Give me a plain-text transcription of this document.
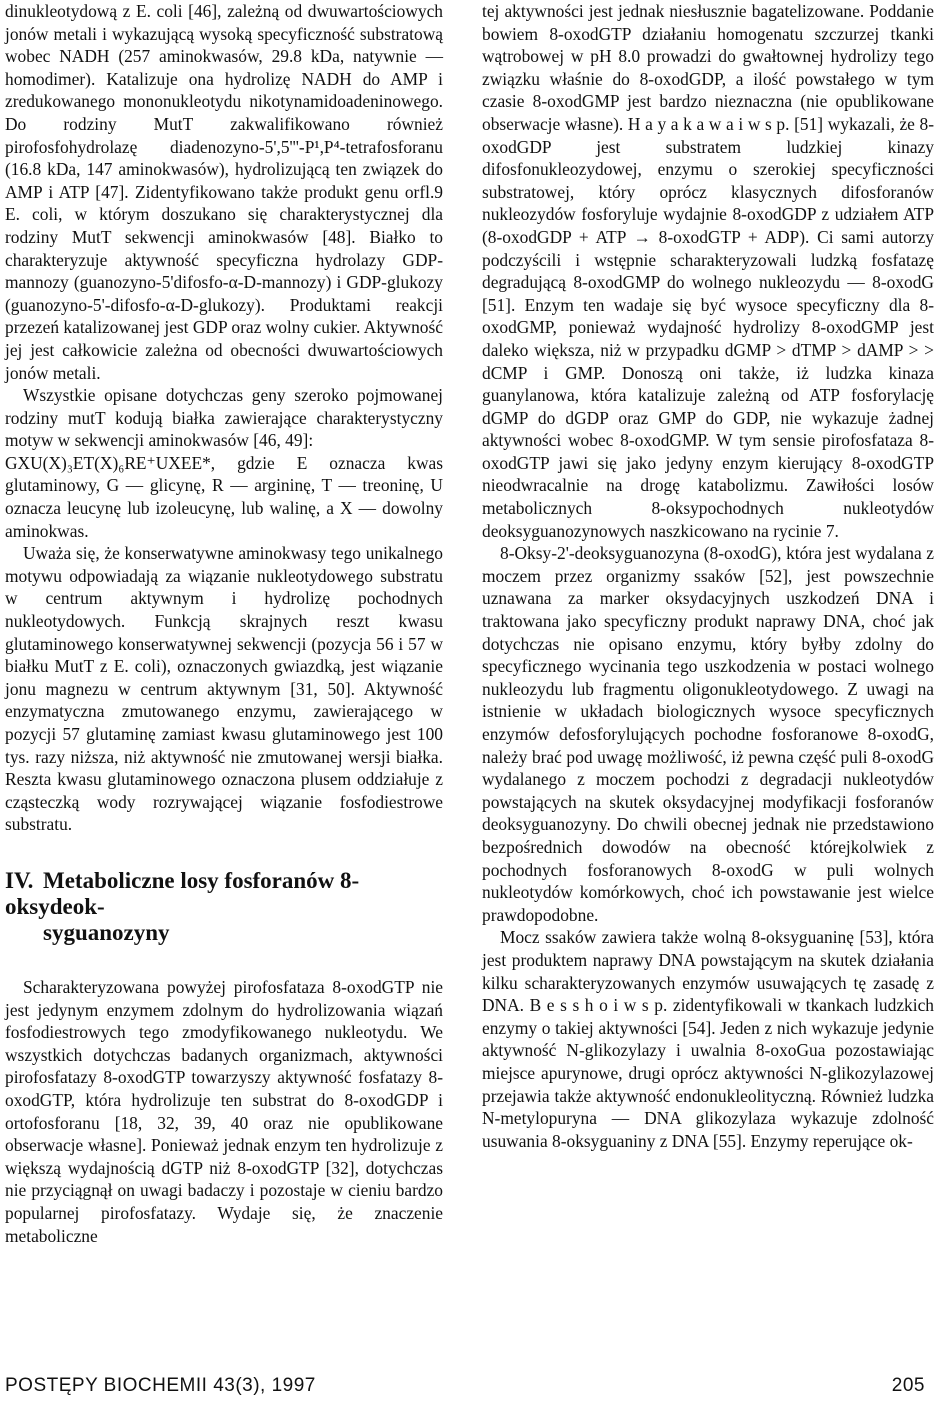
dinukleotydową z E. coli [46], zależną od dwuwartościowych jonów metali i wykazującą wysoką specyficzność substratową wobec NADH (257 aminokwasów, 29.8 kDa, natywnie — homodimer). Katalizuje ona hydrolizę NADH do AMP i zredukowanego mononukleotydu nikotynamidoadeninowego. Do rodziny MutT zakwalifikowano również pirofosfohydrolazę diadenozyno-5',5'''-P¹,P⁴-tetrafosforanu (16.8 kDa, 147 aminokwasów), hydrolizującą ten związek do AMP i ATP [47]. Zidentyfikowano także produkt genu orfl.9 E. coli, w którym doszukano się charakterystycznej dla rodziny MutT sekwencji aminokwasów [48]. Białko to charakteryzuje aktywność specyficzna hydrolazy GDP-mannozy (guanozyno-5'difosfo-α-D-mannozy) i GDP-glukozy (guanozyno-5'-difosfo-α-D-glukozy). Produktami reakcji przezeń katalizowanej jest GDP oraz wolny cukier. Aktywność jej jest całkowicie zależna od obecności dwuwartościowych jonów metali.

Wszystkie opisane dotychczas geny szeroko pojmowanej rodziny mutT kodują białka zawierające charakterystyczny motyw w sekwencji aminokwasów [46, 49]:

GXU(X)₃ET(X)₆RE⁺UXEE*, gdzie E oznacza kwas glutaminowy, G — glicynę, R — argininę, T — treoninę, U oznacza leucynę lub izoleucynę, lub walinę, a X — dowolny aminokwas.

Uważa się, że konserwatywne aminokwasy tego unikalnego motywu odpowiadają za wiązanie nukleotydowego substratu w centrum aktywnym i hydrolizę pochodnych nukleotydowych. Funkcją skrajnych reszt kwasu glutaminowego konserwatywnej sekwencji (pozycja 56 i 57 w białku MutT z E. coli), oznaczonych gwiazdką, jest wiązanie jonu magnezu w centrum aktywnym [31, 50]. Aktywność enzymatyczna zmutowanego enzymu, zawierającego w pozycji 57 glutaminę zamiast kwasu glutaminowego jest 100 tys. razy niższa, niż aktywność nie zmutowanej wersji białka. Reszta kwasu glutaminowego oznaczona plusem oddziałuje z cząsteczką wody rozrywającej wiązanie fosfodiestrowe substratu.

IV. Metaboliczne losy fosforanów 8-oksydeok-
syguanozyny

Scharakteryzowana powyżej pirofosfataza 8-oxodGTP nie jest jedynym enzymem zdolnym do hydrolizowania wiązań fosfodiestrowych tego zmodyfikowanego nukleotydu. We wszystkich dotychczas badanych organizmach, aktywności pirofosfatazy 8-oxodGTP towarzyszy aktywność fosfatazy 8-oxodGTP, która hydrolizuje ten substrat do 8-oxodGDP i ortofosforanu [18, 32, 39, 40 oraz nie opublikowane obserwacje własne]. Ponieważ jednak enzym ten hydrolizuje z większą wydajnością dGTP niż 8-oxodGTP [32], dotychczas nie przyciągnął on uwagi badaczy i pozostaje w cieniu bardzo popularnej pirofosfatazy. Wydaje się, że znaczenie metaboliczne

tej aktywności jest jednak niesłusznie bagatelizowane. Poddanie bowiem 8-oxodGTP działaniu homogenatu szczurzej tkanki wątrobowej w pH 8.0 prowadzi do gwałtownej hydrolizy tego związku właśnie do 8-oxodGDP, a ilość powstałego w tym czasie 8-oxodGMP jest bardzo nieznaczna (nie opublikowane obserwacje własne). H a y a k a w a i w s p. [51] wykazali, że 8-oxodGDP jest substratem ludzkiej kinazy difosfonukleozydowej, enzymu o szerokiej specyficzności substratowej, który oprócz klasycznych difosforanów nukleozydów fosforyluje wydajnie 8-oxodGDP z udziałem ATP (8-oxodGDP + ATP → 8-oxodGTP + ADP). Ci sami autorzy podczyścili i wstępnie scharakteryzowali ludzką fosfatazę degradującą 8-oxodGMP do wolnego nukleozydu — 8-oxodG [51]. Enzym ten wadaje się być wysoce specyficzny dla 8-oxodGMP, ponieważ wydajność hydrolizy 8-oxodGMP jest daleko większa, niż w przypadku dGMP > dTMP > dAMP > > dCMP i GMP. Donoszą oni także, iż ludzka kinaza guanylanowa, która katalizuje zależną od ATP fosforylację dGMP do dGDP oraz GMP do GDP, nie wykazuje żadnej aktywności wobec 8-oxodGMP. W tym sensie pirofosfataza 8-oxodGTP jawi się jako jedyny enzym kierujący 8-oxodGTP nieodwracalnie na drogę katabolizmu. Zawiłości losów metabolicznych 8-oksypochodnych nukleotydów deoksyguanozynowych naszkicowano na rycinie 7.

8-Oksy-2'-deoksyguanozyna (8-oxodG), która jest wydalana z moczem przez organizmy ssaków [52], jest powszechnie uznawana za marker oksydacyjnych uszkodzeń DNA i traktowana jako specyficzny produkt naprawy DNA, choć jak dotychczas nie opisano enzymu, który byłby zdolny do specyficznego wycinania tego uszkodzenia w postaci wolnego nukleozydu lub fragmentu oligonukleotydowego. Z uwagi na istnienie w układach biologicznych wysoce specyficznych enzymów defosforylujących pochodne fosforanowe 8-oxodG, należy brać pod uwagę możliwość, iż pewna część puli 8-oxodG wydalanego z moczem pochodzi z degradacji nukleotydów powstających na skutek oksydacyjnej modyfikacji fosforanów deoksyguanozyny. Do chwili obecnej jednak nie przedstawiono bezpośrednich dowodów na obecność którejkolwiek z pochodnych fosforanowych 8-oxodG w puli wolnych nukleotydów komórkowych, choć ich powstawanie jest wielce prawdopodobne.

Mocz ssaków zawiera także wolną 8-oksyguaninę [53], która jest produktem naprawy DNA powstającym na skutek działania kilku scharakteryzowanych enzymów usuwających tę zasadę z DNA. B e s s h o i w s p. zidentyfikowali w tkankach ludzkich enzymy o takiej aktywności [54]. Jeden z nich wykazuje jedynie aktywność N-glikozylazy i uwalnia 8-oxoGua pozostawiając miejsce apurynowe, drugi oprócz aktywności N-glikozylazowej przejawia także aktywność endonukleolityczną. Również ludzka N-metylopuryna — DNA glikozylaza wykazuje zdolność usuwania 8-oksyguaniny z DNA [55]. Enzymy reperujące ok-

POSTĘPY BIOCHEMII 43(3), 1997	205
